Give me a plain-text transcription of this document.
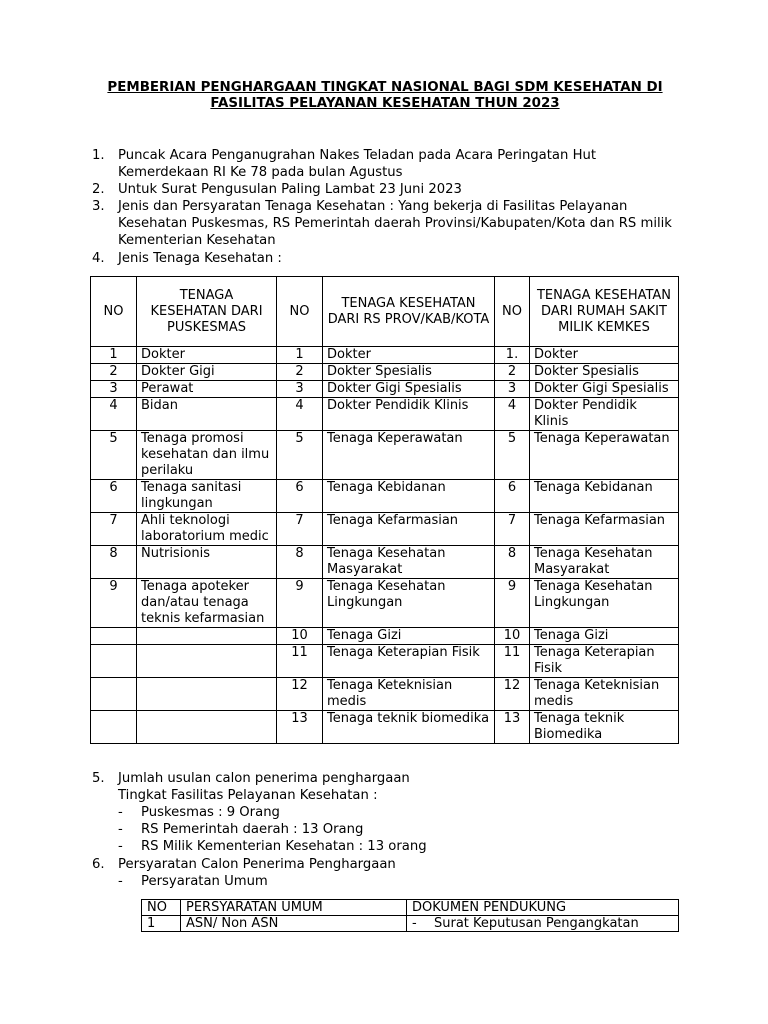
PEMBERIAN PENGHARGAAN TINGKAT NASIONAL BAGI SDM KESEHATAN DI
FASILITAS PELAYANAN KESEHATAN THUN 2023
1. Puncak Acara Penganugrahan Nakes Teladan pada Acara Peringatan Hut
Kemerdekaan RI Ke 78 pada bulan Agustus
2. Untuk Surat Pengusulan Paling Lambat 23 Juni 2023
3. Jenis dan Persyaratan Tenaga Kesehatan : Yang bekerja di Fasilitas Pelayanan
Kesehatan Puskesmas, RS Pemerintah daerah Provinsi/Kabupaten/Kota dan RS milik
Kementerian Kesehatan
4. Jenis Tenaga Kesehatan :
NO	TENAGA KESEHATAN DARI PUSKESMAS	NO	TENAGA KESEHATAN DARI RS PROV/KAB/KOTA	NO	TENAGA KESEHATAN DARI RUMAH SAKIT MILIK KEMKES
1	Dokter	1	Dokter	1.	Dokter
2	Dokter Gigi	2	Dokter Spesialis	2	Dokter Spesialis
3	Perawat	3	Dokter Gigi Spesialis	3	Dokter Gigi Spesialis
4	Bidan	4	Dokter Pendidik Klinis	4	Dokter Pendidik Klinis
5	Tenaga promosi kesehatan dan ilmu perilaku	5	Tenaga Keperawatan	5	Tenaga Keperawatan
6	Tenaga sanitasi lingkungan	6	Tenaga Kebidanan	6	Tenaga Kebidanan
7	Ahli teknologi laboratorium medic	7	Tenaga Kefarmasian	7	Tenaga Kefarmasian
8	Nutrisionis	8	Tenaga Kesehatan Masyarakat	8	Tenaga Kesehatan Masyarakat
9	Tenaga apoteker dan/atau tenaga teknis kefarmasian	9	Tenaga Kesehatan Lingkungan	9	Tenaga Kesehatan Lingkungan
		10	Tenaga Gizi	10	Tenaga Gizi
		11	Tenaga Keterapian Fisik	11	Tenaga Keterapian Fisik
		12	Tenaga Keteknisian medis	12	Tenaga Keteknisian medis
		13	Tenaga teknik biomedika	13	Tenaga teknik Biomedika
5. Jumlah usulan calon penerima penghargaan
Tingkat Fasilitas Pelayanan Kesehatan :
- Puskesmas : 9 Orang
- RS Pemerintah daerah : 13 Orang
- RS Milik Kementerian Kesehatan : 13 orang
6. Persyaratan Calon Penerima Penghargaan
- Persyaratan Umum
NO	PERSYARATAN UMUM	DOKUMEN PENDUKUNG
1	ASN/ Non ASN	- Surat Keputusan Pengangkatan
